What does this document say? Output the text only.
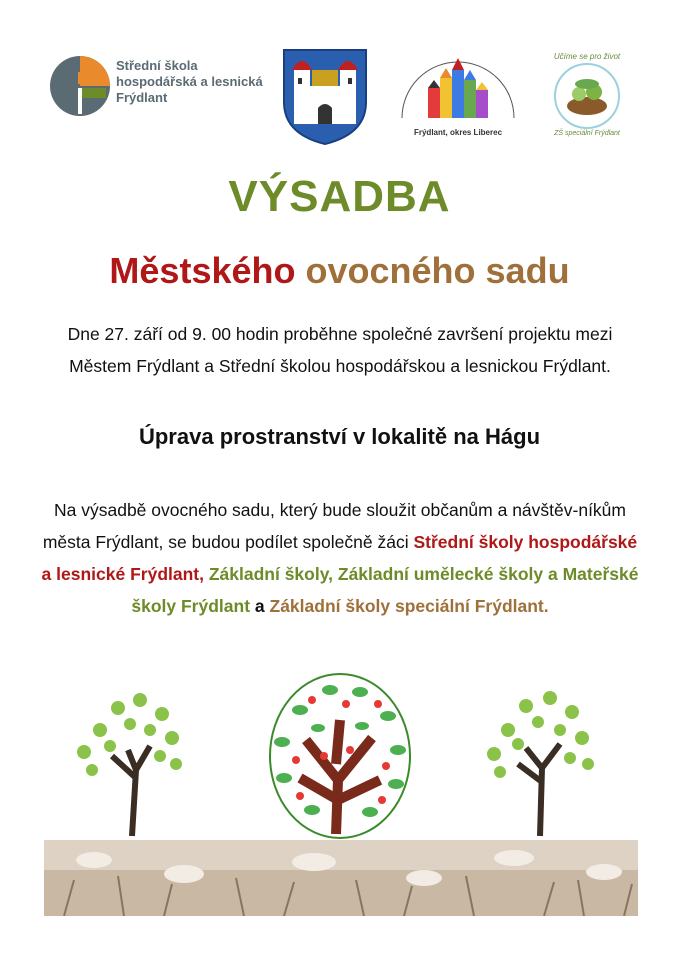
Střední škola
hospodářská a lesnická
Frýdlant
Frýdlant, okres Liberec
Učíme se pro život
ZŠ speciální Frýdlant
VÝSADBA
Městského ovocného sadu
Dne 27. září od 9. 00 hodin proběhne společné završení projektu mezi Městem Frýdlant a Střední školou hospodářskou a lesnickou Frýdlant.
Úprava prostranství v lokalitě na Hágu
Na výsadbě ovocného sadu, který bude sloužit občanům a návštěv-níkům města Frýdlant, se budou podílet společně žáci Střední školy hospodářské a lesnické Frýdlant, Základní školy, Základní umělecké školy a Mateřské školy Frýdlant a Základní školy speciální Frýdlant.
